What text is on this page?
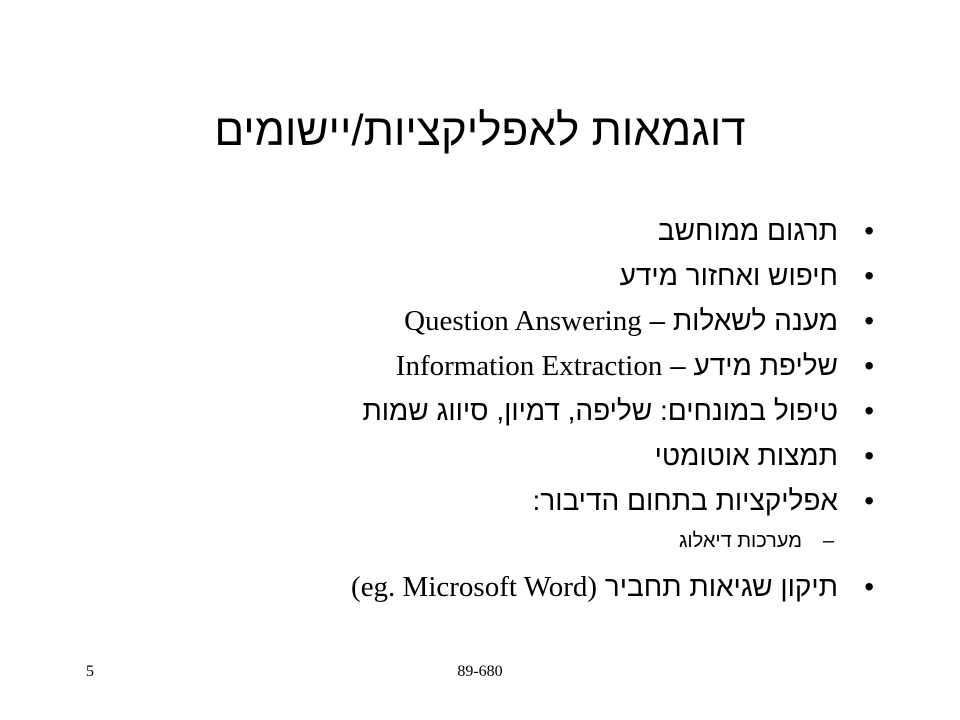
דוגמאות לאפליקציות/יישומים
•
תרגום ממוחשב
•
חיפוש ואחזור מידע
•
מענה לשאלות – Question Answering
•
שליפת מידע – Information Extraction
•
טיפול במונחים: שליפה, דמיון, סיווג שמות
•
תמצות אוטומטי
•
אפליקציות בתחום הדיבור:
–
מערכות דיאלוג
•
תיקון שגיאות תחביר (eg. Microsoft Word)
5	89-680
